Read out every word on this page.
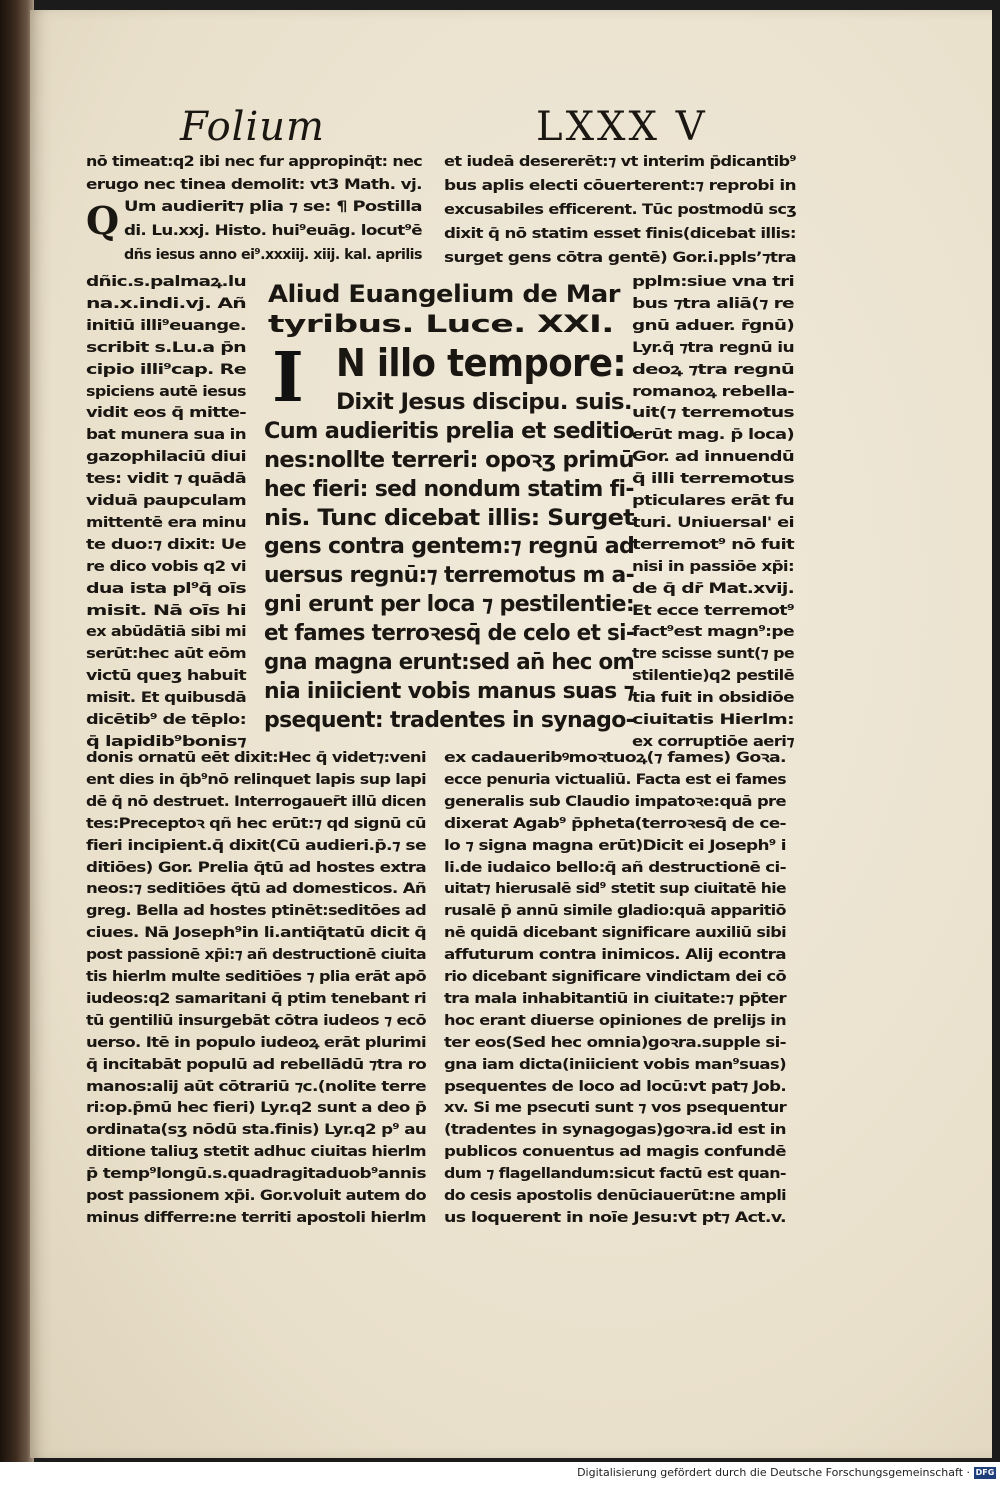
Folium	LXXX V
Q
I
Digitalisierung gefördert durch die Deutsche Forschungsgemeinschaft · DFG
nō timeat:q2 ibi nec fur appropinq̄t: nec
erugo nec tinea demolit: vt3 Math. vj.
Um audierit⁊ plia ⁊ se: ¶ Postilla
di. Lu.xxj. Histo. hui⁹euāg. locut⁹ē
dñs iesus anno ei⁹.xxxiij. xiij. kal. aprilis
et iudeā desererēt:⁊ vt interim p̄dicantib⁹
bus aplis electi cōuerterent:⁊ reprobi in
excusabiles efficerent. Tūc postmodū scʒ
dixit q̄ nō statim esset finis(dicebat illis:
surget gens cōtra gentē) Gor.i.pplsʼ⁊tra
dñic.s.palmaꝝ.lu
na.x.indi.vj. Añ
initiū illi⁹euange.
scribit s.Lu.a p̄n
cipio illi⁹cap. Re
spiciens autē iesus
vidit eos q̄ mitte-
bat munera sua in
gazophilaciū diui
tes: vidit ⁊ quādā
viduā paupculam
mittentē era minu
te duo:⁊ dixit: Ue
re dico vobis q2 vi
dua ista pl⁹q̄ oīs
misit. Nā oīs hi
ex abūdātiā sibi mi
serūt:hec aūt eōm
victū queʒ habuit
misit. Et quibusdā
dicētib⁹ de tēplo:
q̄ lapidib⁹bonis⁊
Aliud Euangelium de Mar
tyribus. Luce. XXI.
N illo tempore:
Dixit Jesus discipu. suis.
Cum audieritis prelia et seditio
nes:nollte terreri: opoꝛʒ primū
hec fieri: sed nondum statim fi-
nis. Tunc dicebat illis: Surget
gens contra gentem:⁊ regnū ad
uersus regnū:⁊ terremotus m a-
gni erunt per loca ⁊ pestilentie:
et fames terroꝛesq̄ de celo et si-
gna magna erunt:sed an̄ hec om
nia iniicient vobis manus suas ⁊
psequent: tradentes in synago-
pplm:siue vna tri
bus ⁊tra aliā(⁊ re
gnū aduer. r̄gnū)
Lyr.q̄ ⁊tra regnū iu
deoꝝ ⁊tra regnū
romanoꝝ rebella-
uit(⁊ terremotus
erūt mag. p̄ loca)
Gor. ad innuendū
q̄ illi terremotus
pticulares erāt fu
turi. Uniuersal' ei
terremot⁹ nō fuit
nisi in passiōe xp̄i:
de q̄ dr̄ Mat.xvij.
Et ecce terremot⁹
fact⁹est magn⁹:pe
tre scisse sunt(⁊ pe
stilentie)q2 pestilē
tia fuit in obsidiōe
ciuitatis Hierlm:
ex corruptiōe aeri⁊
donis ornatū eēt dixit:Hec q̄ videt⁊:veni
ent dies in q̄b⁹nō relinquet lapis sup lapi
dē q̄ nō destruet. Interrogauer̄t illū dicen
tes:Preceptoꝛ qñ hec erūt:⁊ qd signū cū
fieri incipient.q̄ dixit(Cū audieri.p̄.⁊ se
ditiōes) Gor. Prelia q̄tū ad hostes extra
neos:⁊ seditiōes q̄tū ad domesticos. Añ
greg. Bella ad hostes ptinēt:seditōes ad
ciues. Nā Joseph⁹in li.antiq̄tatū dicit q̄
post passionē xp̄i:⁊ añ destructionē ciuita
tis hierlm multe seditiōes ⁊ plia erāt apō
iudeos:q2 samaritani q̄ ptim tenebant ri
tū gentiliū insurgebāt cōtra iudeos ⁊ ecō
uerso. Itē in populo iudeoꝝ erāt plurimi
q̄ incitabāt populū ad rebellādū ⁊tra ro
manos:alij aūt cōtrariū ⁊c.(nolite terre
ri:op.p̄mū hec fieri) Lyr.q2 sunt a deo p̄
ordinata(sʒ nōdū sta.finis) Lyr.q2 p⁹ au
ditione taliuʒ stetit adhuc ciuitas hierlm
p̄ temp⁹longū.s.quadragitaduob⁹annis
post passionem xp̄i. Gor.voluit autem do
minus differre:ne territi apostoli hierlm
ex cadaueribꝰmoꝛtuoꝝ(⁊ fames) Goꝛa.
ecce penuria victualiū. Facta est ei fames
generalis sub Claudio impatoꝛe:quā pre
dixerat Agab⁹ p̄pheta(terroꝛesq̄ de ce-
lo ⁊ signa magna erūt)Dicit ei Joseph⁹ i
li.de iudaico bello:q̄ añ destructionē ci-
uitat⁊ hierusalē sid⁹ stetit sup ciuitatē hie
rusalē p̄ annū simile gladio:quā apparitiō
nē quidā dicebant significare auxiliū sibi
affuturum contra inimicos. Alij econtra
rio dicebant significare vindictam dei cō
tra mala inhabitantiū in ciuitate:⁊ pp̄ter
hoc erant diuerse opiniones de prelijs in
ter eos(Sed hec omnia)goꝛra.supple si-
gna iam dicta(iniicient vobis man⁹suas)
psequentes de loco ad locū:vt pat⁊ Job.
xv. Si me psecuti sunt ⁊ vos psequentur
(tradentes in synagogas)goꝛra.id est in
publicos conuentus ad magis confundē
dum ⁊ flagellandum:sicut factū est quan-
do cesis apostolis denūciauerūt:ne ampli
us loquerent in noīe Jesu:vt pt⁊ Act.v.
